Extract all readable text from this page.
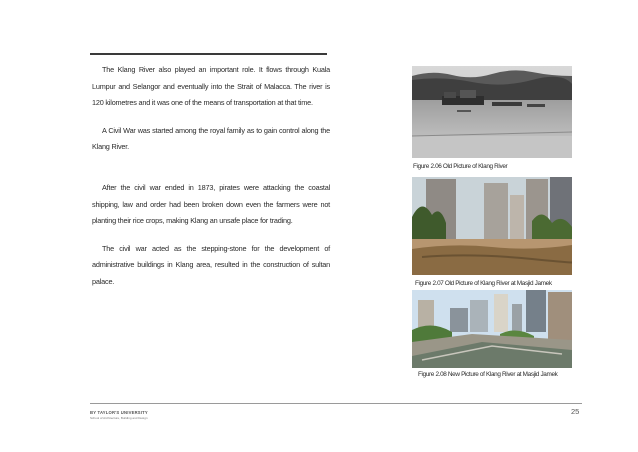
The Klang River also played an important role. It flows through Kuala Lumpur and Selangor and eventually into the Strait of Malacca. The river is 120 kilometres and it was one of the means of transportation at that time.

A Civil War was started among the royal family as to gain control along the Klang River.

After the civil war ended in 1873, pirates were attacking the coastal shipping, law and order had been broken down even the farmers were not planting their rice crops, making Klang an unsafe place for trading.

The civil war acted as the stepping-stone for the development of administrative buildings in Klang area, resulted in the construction of sultan palace.

Figure 2.06 Old Picture of Klang River
Figure 2.07 Old Picture of Klang River at Masjid Jamek
Figure 2.08 New Picture of Klang River at Masjid Jamek
25
BY TAYLOR'S UNIVERSITY
School of Architecture, Building and Design
